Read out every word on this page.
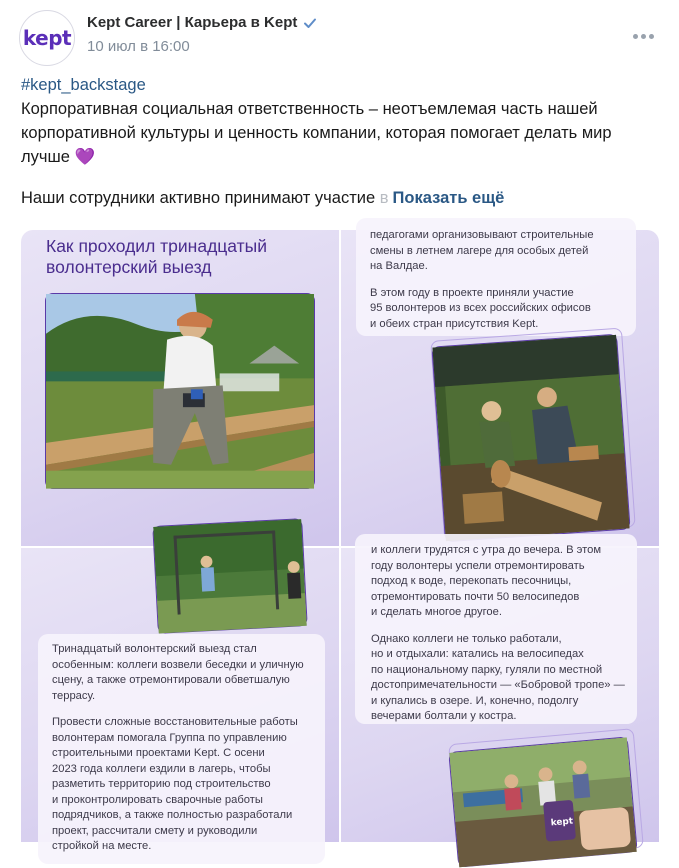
kept
Kept Career | Карьера в Kept
10 июл в 16:00
#kept_backstage
Корпоративная социальная ответственность – неотъемлемая часть нашей корпоративной культуры и ценность компании, которая помогает делать мир лучше 💜
Наши сотрудники активно принимают участие в Показать ещё
Как проходил тринадцатый
волонтерский выезд

педагогами организовывают строительные
смены в летнем лагере для особых детей
на Валдае.

В этом году в проекте приняли участие
95 волонтеров из всех российских офисов
и обеих стран присутствия Kept.

Тринадцатый волонтерский выезд стал
особенным: коллеги возвели беседки и уличную
сцену, а также отремонтировали обветшалую
террасу.

Провести сложные восстановительные работы
волонтерам помогала Группа по управлению
строительными проектами Kept. С осени
2023 года коллеги ездили в лагерь, чтобы
разметить территорию под строительство
и проконтролировать сварочные работы
подрядчиков, а также полностью разработали
проект, рассчитали смету и руководили
стройкой на месте.

и коллеги трудятся с утра до вечера. В этом
году волонтеры успели отремонтировать
подход к воде, перекопать песочницы,
отремонтировать почти 50 велосипедов
и сделать многое другое.

Однако коллеги не только работали,
но и отдыхали: катались на велосипедах
по национальному парку, гуляли по местной
достопримечательности — «Бобровой тропе» —
и купались в озере. И, конечно, подолгу
вечерами болтали у костра.

kept
